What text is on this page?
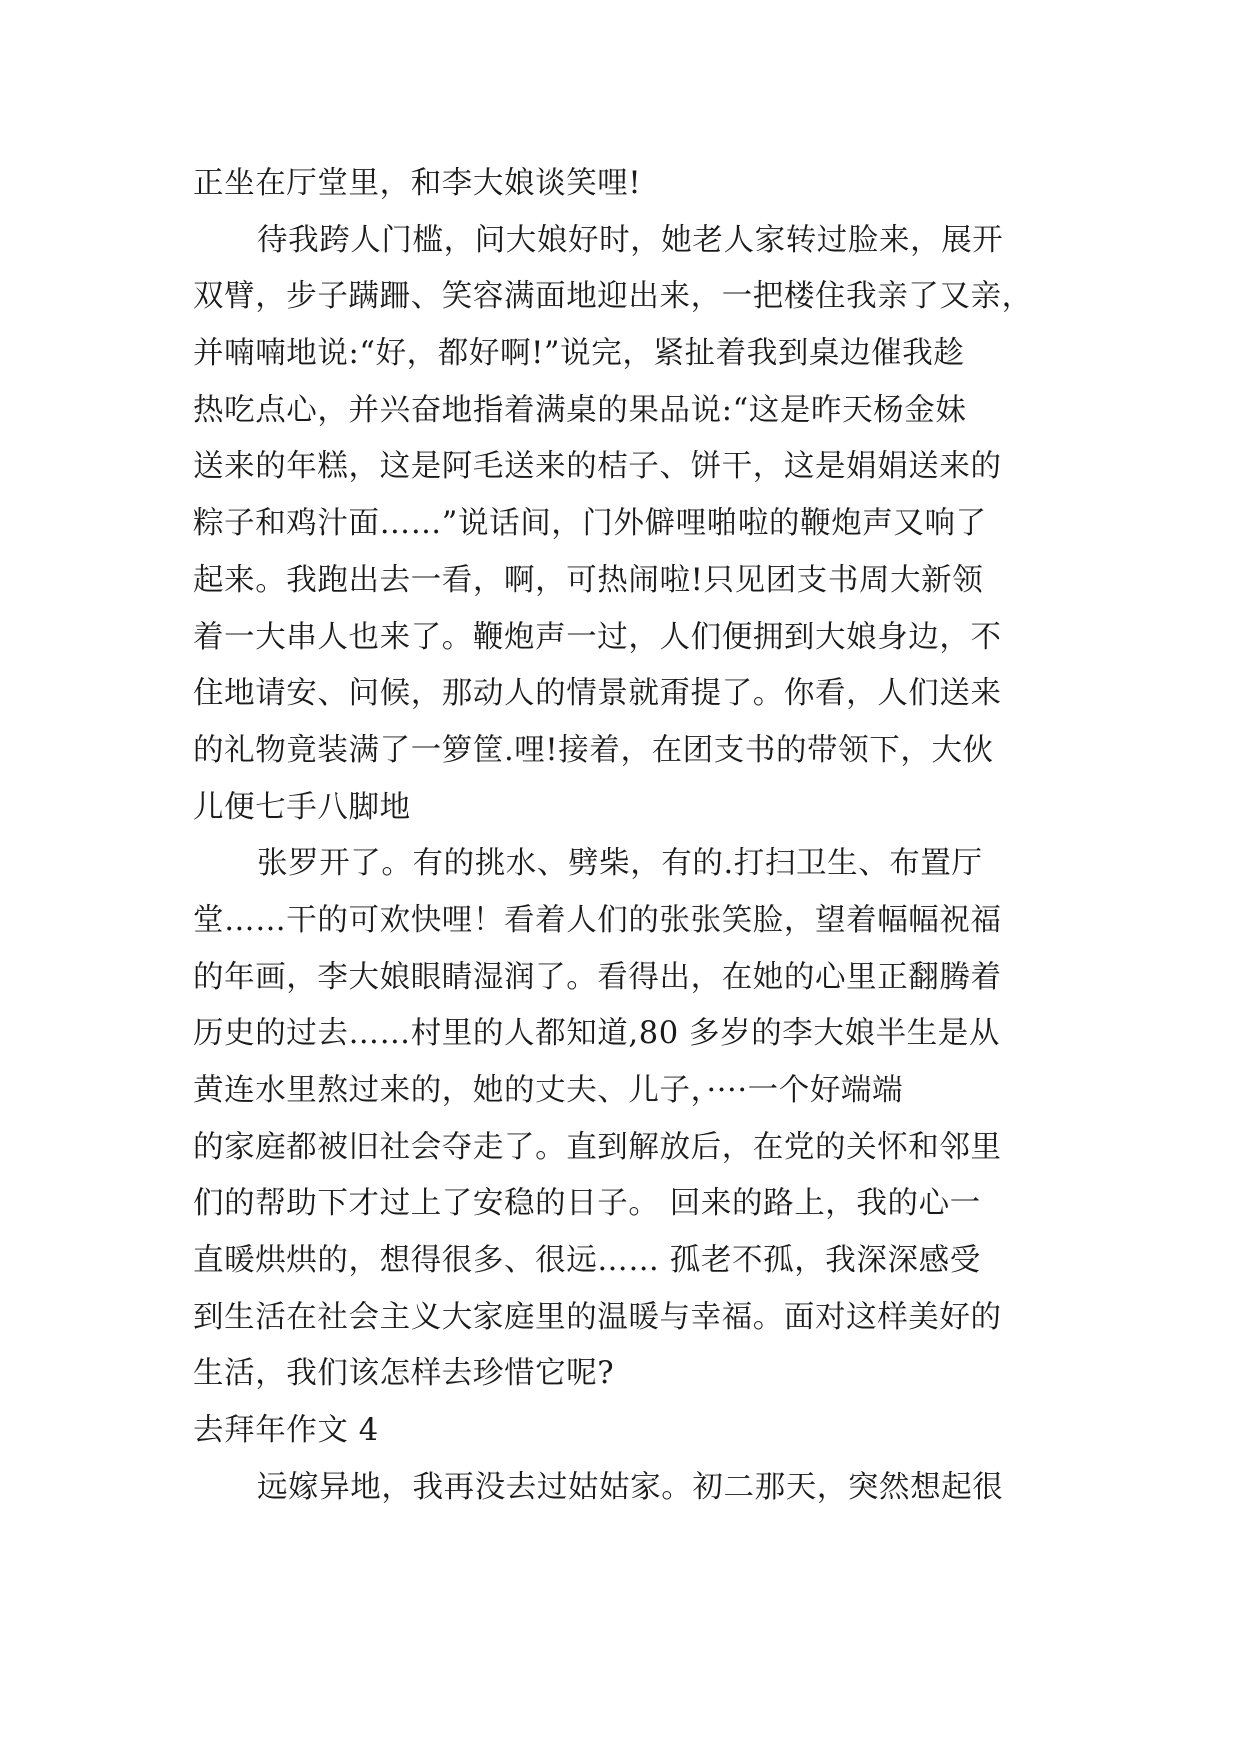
正坐在厅堂里，和李大娘谈笑哩!
待我跨人门槛，问大娘好时，她老人家转过脸来，展开
双臂，步子蹒跚、笑容满面地迎出来，一把楼住我亲了又亲，
并喃喃地说:“好，都好啊!”说完，紧扯着我到桌边催我趁
热吃点心，并兴奋地指着满桌的果品说:“这是昨天杨金妹
送来的年糕，这是阿毛送来的桔子、饼干，这是娟娟送来的
粽子和鸡汁面……”说话间，门外僻哩啪啦的鞭炮声又响了
起来。我跑出去一看，啊，可热闹啦!只见团支书周大新领
着一大串人也来了。鞭炮声一过，人们便拥到大娘身边，不
住地请安、问候，那动人的情景就甭提了。你看，人们送来
的礼物竟装满了一箩筐.哩!接着，在团支书的带领下，大伙
儿便七手八脚地
张罗开了。有的挑水、劈柴，有的.打扫卫生、布置厅
堂……干的可欢快哩！看着人们的张张笑脸，望着幅幅祝福
的年画，李大娘眼睛湿润了。看得出，在她的心里正翻腾着
历史的过去……村里的人都知道,80 多岁的李大娘半生是从
黄连水里熬过来的，她的丈夫、儿子，····一个好端端
的家庭都被旧社会夺走了。直到解放后，在党的关怀和邻里
们的帮助下才过上了安稳的日子。 回来的路上，我的心一
直暖烘烘的，想得很多、很远…… 孤老不孤，我深深感受
到生活在社会主义大家庭里的温暖与幸福。面对这样美好的
生活，我们该怎样去珍惜它呢?
去拜年作文 4
远嫁异地，我再没去过姑姑家。初二那天，突然想起很
